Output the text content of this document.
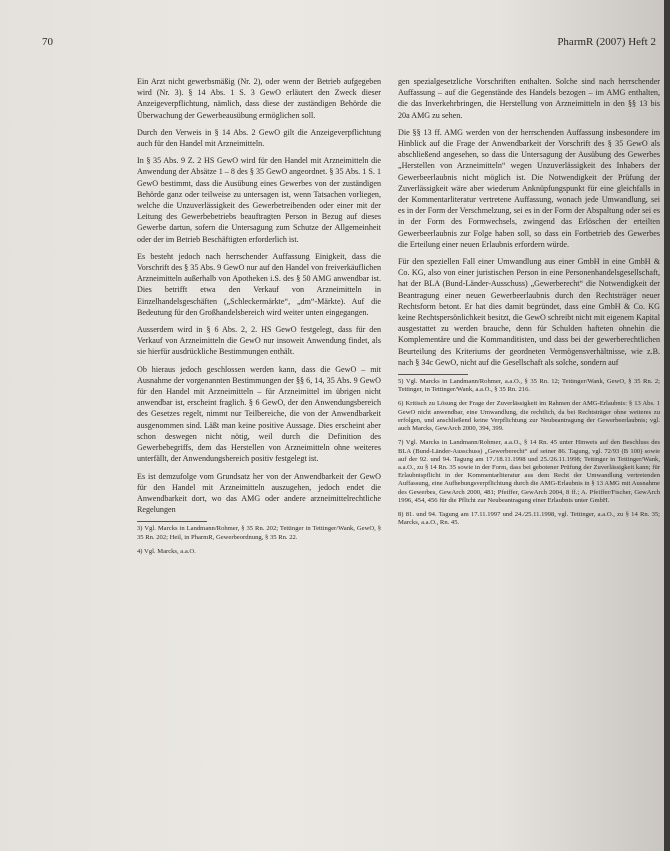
70	PharmR (2007) Heft 2

Ein Arzt nicht gewerbsmäßig (Nr. 2), oder wenn der Betrieb aufgegeben wird (Nr. 3). § 14 Abs. 1 S. 3 GewO erläutert den Zweck dieser Anzeigeverpflichtung, nämlich, dass diese der zuständigen Behörde die Überwachung der Gewerbeausübung ermöglichen soll.

Durch den Verweis in § 14 Abs. 2 GewO gilt die Anzeigeverpflichtung auch für den Handel mit Arzneimitteln.

In § 35 Abs. 9 Z. 2 HS GewO wird für den Handel mit Arzneimitteln die Anwendung der Absätze 1 – 8 des § 35 GewO angeordnet. § 35 Abs. 1 S. 1 GewO bestimmt, dass die Ausübung eines Gewerbes von der zuständigen Behörde ganz oder teilweise zu untersagen ist, wenn Tatsachen vorliegen, welche die Unzuverlässigkeit des Gewerbetreibenden oder einer mit der Leitung des Gewerbebetriebs beauftragten Person in Bezug auf dieses Gewerbe dartun, sofern die Untersagung zum Schutze der Allgemeinheit oder der im Betrieb Beschäftigten erforderlich ist.

Es besteht jedoch nach herrschender Auffassung Einigkeit, dass die Vorschrift des § 35 Abs. 9 GewO nur auf den Handel von freiverkäuflichen Arzneimitteln außerhalb von Apotheken i.S. des § 50 AMG anwendbar ist. Dies betrifft etwa den Verkauf von Arzneimitteln in Einzelhandelsgeschäften („Schleckermärkte“, „dm“-Märkte). Auf die Bedeutung für den Großhandelsbereich wird weiter unten eingegangen.

Ausserdem wird in § 6 Abs. 2, 2. HS GewO festgelegt, dass für den Verkauf von Arzneimitteln die GewO nur insoweit Anwendung findet, als sie hierfür ausdrückliche Bestimmungen enthält.

Ob hieraus jedoch geschlossen werden kann, dass die GewO – mit Ausnahme der vorgenannten Bestimmungen der §§ 6, 14, 35 Abs. 9 GewO für den Handel mit Arzneimitteln – für Arzneimittel im übrigen nicht anwendbar ist, erscheint fraglich. § 6 GewO, der den Anwendungsbereich des Gesetzes regelt, nimmt nur Teilbereiche, die von der Anwendbarkeit ausgenommen sind. Läßt man keine positive Aussage. Dies erscheint aber schon deswegen nicht nötig, weil durch die Definition des Gewerbebegriffs, dem das Herstellen von Arzneimitteln ohne weiteres unterfällt, der Anwendungsbereich positiv festgelegt ist.

Es ist demzufolge vom Grundsatz her von der Anwendbarkeit der GewO für den Handel mit Arzneimitteln auszugehen, jedoch endet die Anwendbarkeit dort, wo das AMG oder andere arzneimittelrechtliche Regelungen

3) Vgl. Marcks in Landmann/Rohmer, § 35 Rn. 202; Tettinger in Tettinger/Wank, GewO, § 35 Rn. 202; Heil, in PharmR, Gewerbeordnung, § 35 Rn. 22.

4) Vgl. Marcks, a.a.O.

gen spezialgesetzliche Vorschriften enthalten. Solche sind nach herrschender Auffassung – auf die Gegenstände des Handels bezogen – im AMG enthalten, die das Inverkehrbringen, die Herstellung von Arzneimitteln in den §§ 13 bis 20a AMG zu sehen.

Die §§ 13 ff. AMG werden von der herrschenden Auffassung insbesondere im Hinblick auf die Frage der Anwendbarkeit der Vorschrift des § 35 GewO als abschließend angesehen, so dass die Untersagung der Ausübung des Gewerbes „Herstellen von Arzneimitteln“ wegen Unzuverlässigkeit des Inhabers der Gewerbeerlaubnis nicht möglich ist. Die Notwendigkeit der Prüfung der Zuverlässigkeit wäre aber wiederum Anknüpfungspunkt für eine gleichfalls in der Kommentarliteratur vertretene Auffassung, wonach jede Umwandlung, sei es in der Form der Verschmelzung, sei es in der Form der Abspaltung oder sei es in der Form des Formwechsels, zwingend das Erlöschen der erteilten Gewerbeerlaubnis zur Folge haben soll, so dass ein Fortbetrieb des Gewerbes die Erteilung einer neuen Erlaubnis erfordern würde.

Für den speziellen Fall einer Umwandlung aus einer GmbH in eine GmbH & Co. KG, also von einer juristischen Person in eine Personenhandelsgesellschaft, hat der BLA (Bund-Länder-Ausschuss) „Gewerberecht“ die Notwendigkeit der Beantragung einer neuen Gewerbeerlaubnis durch den Rechtsträger neuer Rechtsform betont. Er hat dies damit begründet, dass eine GmbH & Co. KG keine Rechtspersönlichkeit besitzt, die GewO schreibt nicht mit eigenem Kapital ausgestattet zu werden brauche, denn für Schulden hafteten ohnehin die Komplementäre und die Kommanditisten, und dass bei der gewerberechtlichen Beurteilung des Kriteriums der geordneten Vermögensverhältnisse, wie z.B. nach § 34c GewO, nicht auf die Gesellschaft als solche, sondern auf

5) Vgl. Marcks in Landmann/Rohmer, a.a.O., § 35 Rn. 12; Tettinger/Wank, GewO, § 35 Rn. 2; Tettinger, in Tettinger/Wank, a.a.O., § 35 Rn. 216.

6) Kritisch zu Lösung der Frage der Zuverlässigkeit im Rahmen der AMG-Erlaubnis: § 13 Abs. 1 GewO nicht anwendbar, eine Umwandlung, die rechtlich, da bei Rechtsträger ohne weiteres zu erfolgen, und anschließend keine Verpflichtung zur Neubeantragung der Gewerbeerlaubnis; vgl. auch Marcks, GewArch 2000, 394, 399.

7) Vgl. Marcks in Landmann/Rohmer, a.a.O., § 14 Rn. 45 unter Hinweis auf den Beschluss des BLA (Bund-Länder-Ausschuss) „Gewerberecht“ auf seiner 86. Tagung, vgl. 72/93 (B 100) sowie auf der 92. und 94. Tagung am 17./18.11.1998 und 25./26.11.1998; Tettinger in Tettinger/Wank, a.a.O., zu § 14 Rn. 35 sowie in der Form, dass bei gebotener Prüfung der Zuverlässigkeit kann; für Erlaubnispflicht in der Kommentarliteratur aus dem Recht der Umwandlung vertretenden Auffassung, eine Aufhebungsverpflichtung durch die AMG-Erlaubnis in § 13 AMG mit Ausnahme des Gewerbes, GewArch 2000, 481; Pfeiffer, GewArch 2004, 8 ff.; A. Pfeiffer/Fischer, GewArch 1996, 454, 456 für die Pflicht zur Neubeantragung einer Erlaubnis unter GmbH.

8) 81. und 94. Tagung am 17.11.1997 und 24./25.11.1998, vgl. Tettinger, a.a.O., zu § 14 Rn. 35; Marcks, a.a.O., Rn. 45.
